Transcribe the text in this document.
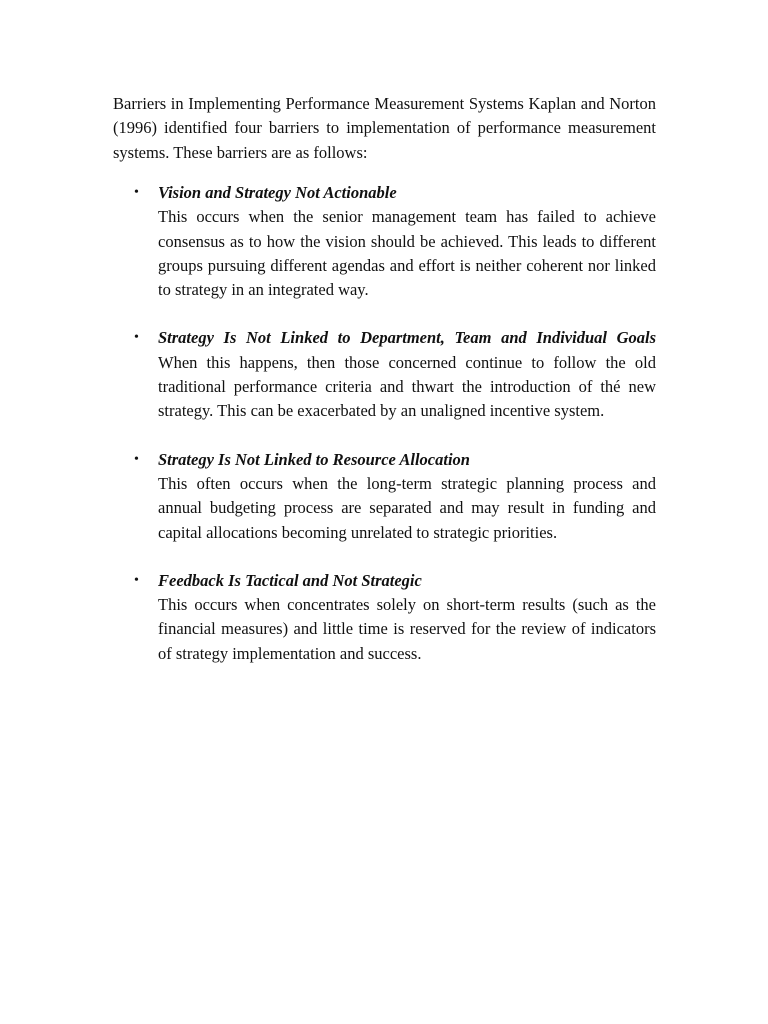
Barriers in Implementing Performance Measurement Systems Kaplan and Norton (1996) identified four barriers to implementation of performance measurement systems. These barriers are as follows:

• Vision and Strategy Not Actionable
This occurs when the senior management team has failed to achieve consensus as to how the vision should be achieved. This leads to different groups pursuing different agendas and effort is neither coherent nor linked to strategy in an integrated way.
• Strategy Is Not Linked to Department, Team and Individual Goals
When this happens, then those concerned continue to follow the old traditional performance criteria and thwart the introduction of thé new strategy. This can be exacerbated by an unaligned incentive system.
• Strategy Is Not Linked to Resource Allocation
This often occurs when the long-term strategic planning process and annual budgeting process are separated and may result in funding and capital allocations becoming unrelated to strategic priorities.
• Feedback Is Tactical and Not Strategic
This occurs when concentrates solely on short-term results (such as the financial measures) and little time is reserved for the review of indicators of strategy implementation and success.
